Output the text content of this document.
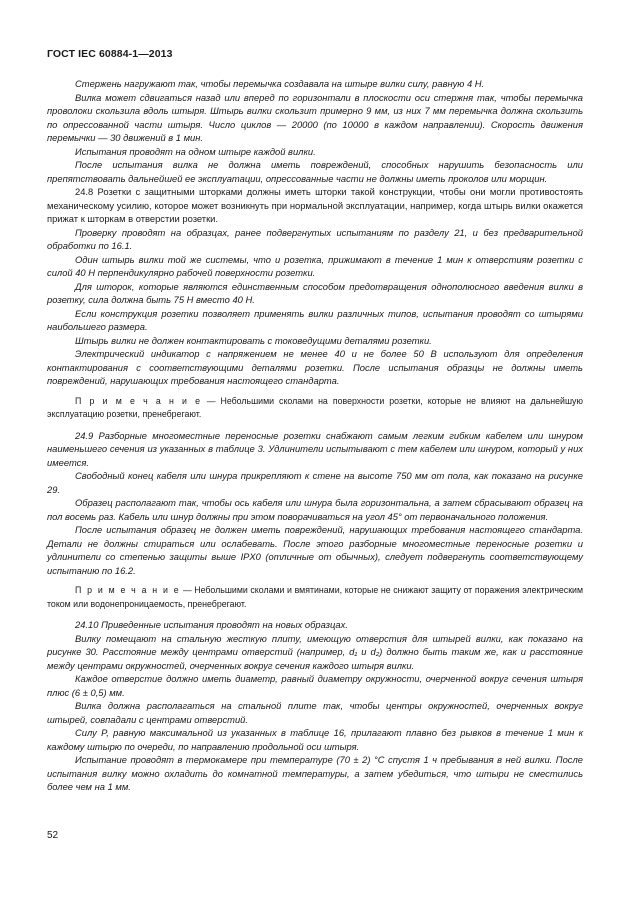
ГОСТ IEC 60884-1—2013

Стержень нагружают так, чтобы перемычка создавала на штыре вилки силу, равную 4 Н.

Вилка может сдвигаться назад или вперед по горизонтали в плоскости оси стержня так, чтобы перемычка проволоки скользила вдоль штыря. Штырь вилки скользит примерно 9 мм, из них 7 мм перемычка должна скользить по опрессованной части штыря. Число циклов — 20000 (по 10000 в каждом направлении). Скорость движения перемычки — 30 движений в 1 мин.

Испытания проводят на одном штыре каждой вилки.

После испытания вилка не должна иметь повреждений, способных нарушить безопасность или препятствовать дальнейшей ее эксплуатации, опрессованные части не должны иметь проколов или морщин.

24.8 Розетки с защитными шторками должны иметь шторки такой конструкции, чтобы они могли противостоять механическому усилию, которое может возникнуть при нормальной эксплуатации, например, когда штырь вилки окажется прижат к шторкам в отверстии розетки.

Проверку проводят на образцах, ранее подвергнутых испытаниям по разделу 21, и без предварительной обработки по 16.1.

Один штырь вилки той же системы, что и розетка, прижимают в течение 1 мин к отверстиям розетки с силой 40 Н перпендикулярно рабочей поверхности розетки.

Для шторок, которые являются единственным способом предотвращения однополюсного введения вилки в розетку, сила должна быть 75 Н вместо 40 Н.

Если конструкция розетки позволяет применять вилки различных типов, испытания проводят со штырями наибольшего размера.

Штырь вилки не должен контактировать с токоведущими деталями розетки.

Электрический индикатор с напряжением не менее 40 и не более 50 В используют для определения контактирования с соответствующими деталями розетки. После испытания образцы не должны иметь повреждений, нарушающих требования настоящего стандарта.

П р и м е ч а н и е — Небольшими сколами на поверхности розетки, которые не влияют на дальнейшую эксплуатацию розетки, пренебрегают.

24.9 Разборные многоместные переносные розетки снабжают самым легким гибким кабелем или шнуром наименьшего сечения из указанных в таблице 3. Удлинители испытывают с тем кабелем или шнуром, который у них имеется.

Свободный конец кабеля или шнура прикрепляют к стене на высоте 750 мм от пола, как показано на рисунке 29.

Образец располагают так, чтобы ось кабеля или шнура была горизонтальна, а затем сбрасывают образец на пол восемь раз. Кабель или шнур должны при этом поворачиваться на угол 45° от первоначального положения.

После испытания образец не должен иметь повреждений, нарушающих требования настоящего стандарта. Детали не должны стираться или ослабевать. После этого разборные многоместные переносные розетки и удлинители со степенью защиты выше IPX0 (отличные от обычных), следует подвергнуть соответствующему испытанию по 16.2.

П р и м е ч а н и е — Небольшими сколами и вмятинами, которые не снижают защиту от поражения электрическим током или водонепроницаемость, пренебрегают.

24.10 Приведенные испытания проводят на новых образцах.

Вилку помещают на стальную жесткую плиту, имеющую отверстия для штырей вилки, как показано на рисунке 30. Расстояние между центрами отверстий (например, d₁ и d₂) должно быть таким же, как и расстояние между центрами окружностей, очерченных вокруг сечения каждого штыря вилки.

Каждое отверстие должно иметь диаметр, равный диаметру окружности, очерченной вокруг сечения штыря плюс (6 ± 0,5) мм.

Вилка должна располагаться на стальной плите так, чтобы центры окружностей, очерченных вокруг штырей, совпадали с центрами отверстий.

Силу P, равную максимальной из указанных в таблице 16, прилагают плавно без рывков в течение 1 мин к каждому штырю по очереди, по направлению продольной оси штыря.

Испытание проводят в термокамере при температуре (70 ± 2) °С спустя 1 ч пребывания в ней вилки. После испытания вилку можно охладить до комнатной температуры, а затем убедиться, что штыри не сместились более чем на 1 мм.

52
